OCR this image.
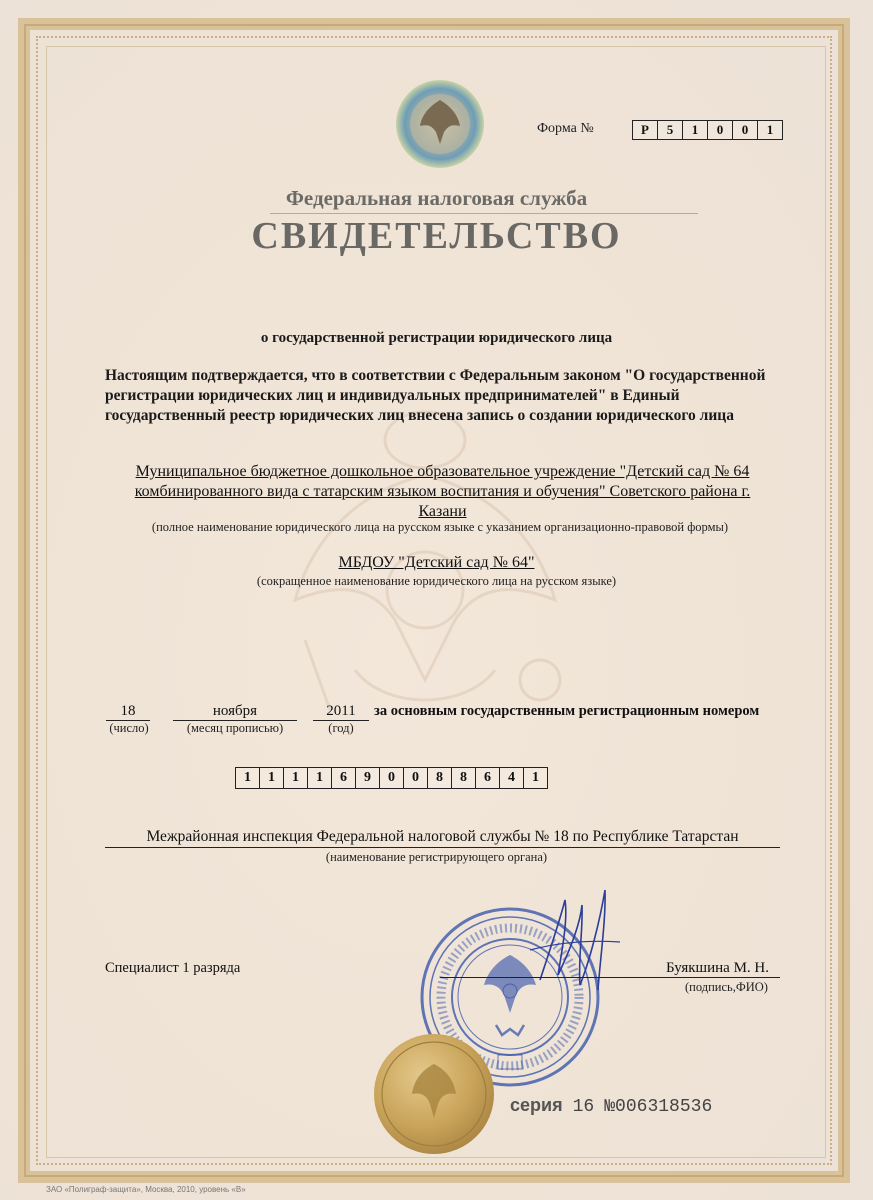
Форма №	Р	5	1	0	0	1
Федеральная налоговая служба
СВИДЕТЕЛЬСТВО
о государственной регистрации юридического лица
Настоящим подтверждается, что в соответствии с Федеральным законом "О государственной регистрации юридических лиц и индивидуальных предпринимателей" в Единый государственный реестр юридических лиц внесена запись о создании юридического лица
Муниципальное бюджетное дошкольное образовательное учреждение "Детский сад № 64 комбинированного вида с татарским языком воспитания и обучения" Советского района г. Казани
(полное наименование юридического лица на русском языке с указанием организационно-правовой формы)
МБДОУ "Детский сад № 64"
(сокращенное наименование юридического лица на русском языке)
18
(число)
ноября
(месяц прописью)
2011
(год)
за основным государственным регистрационным номером
1	1	1	1	6	9	0	0	8	8	6	4	1
Межрайонная инспекция Федеральной налоговой службы № 18 по Республике Татарстан
(наименование регистрирующего органа)
Специалист 1 разряда	Буякшина М. Н.
(подпись,ФИО)
серия 16 №006318536
ЗАО «Полиграф-защита», Москва, 2010, уровень «В»
